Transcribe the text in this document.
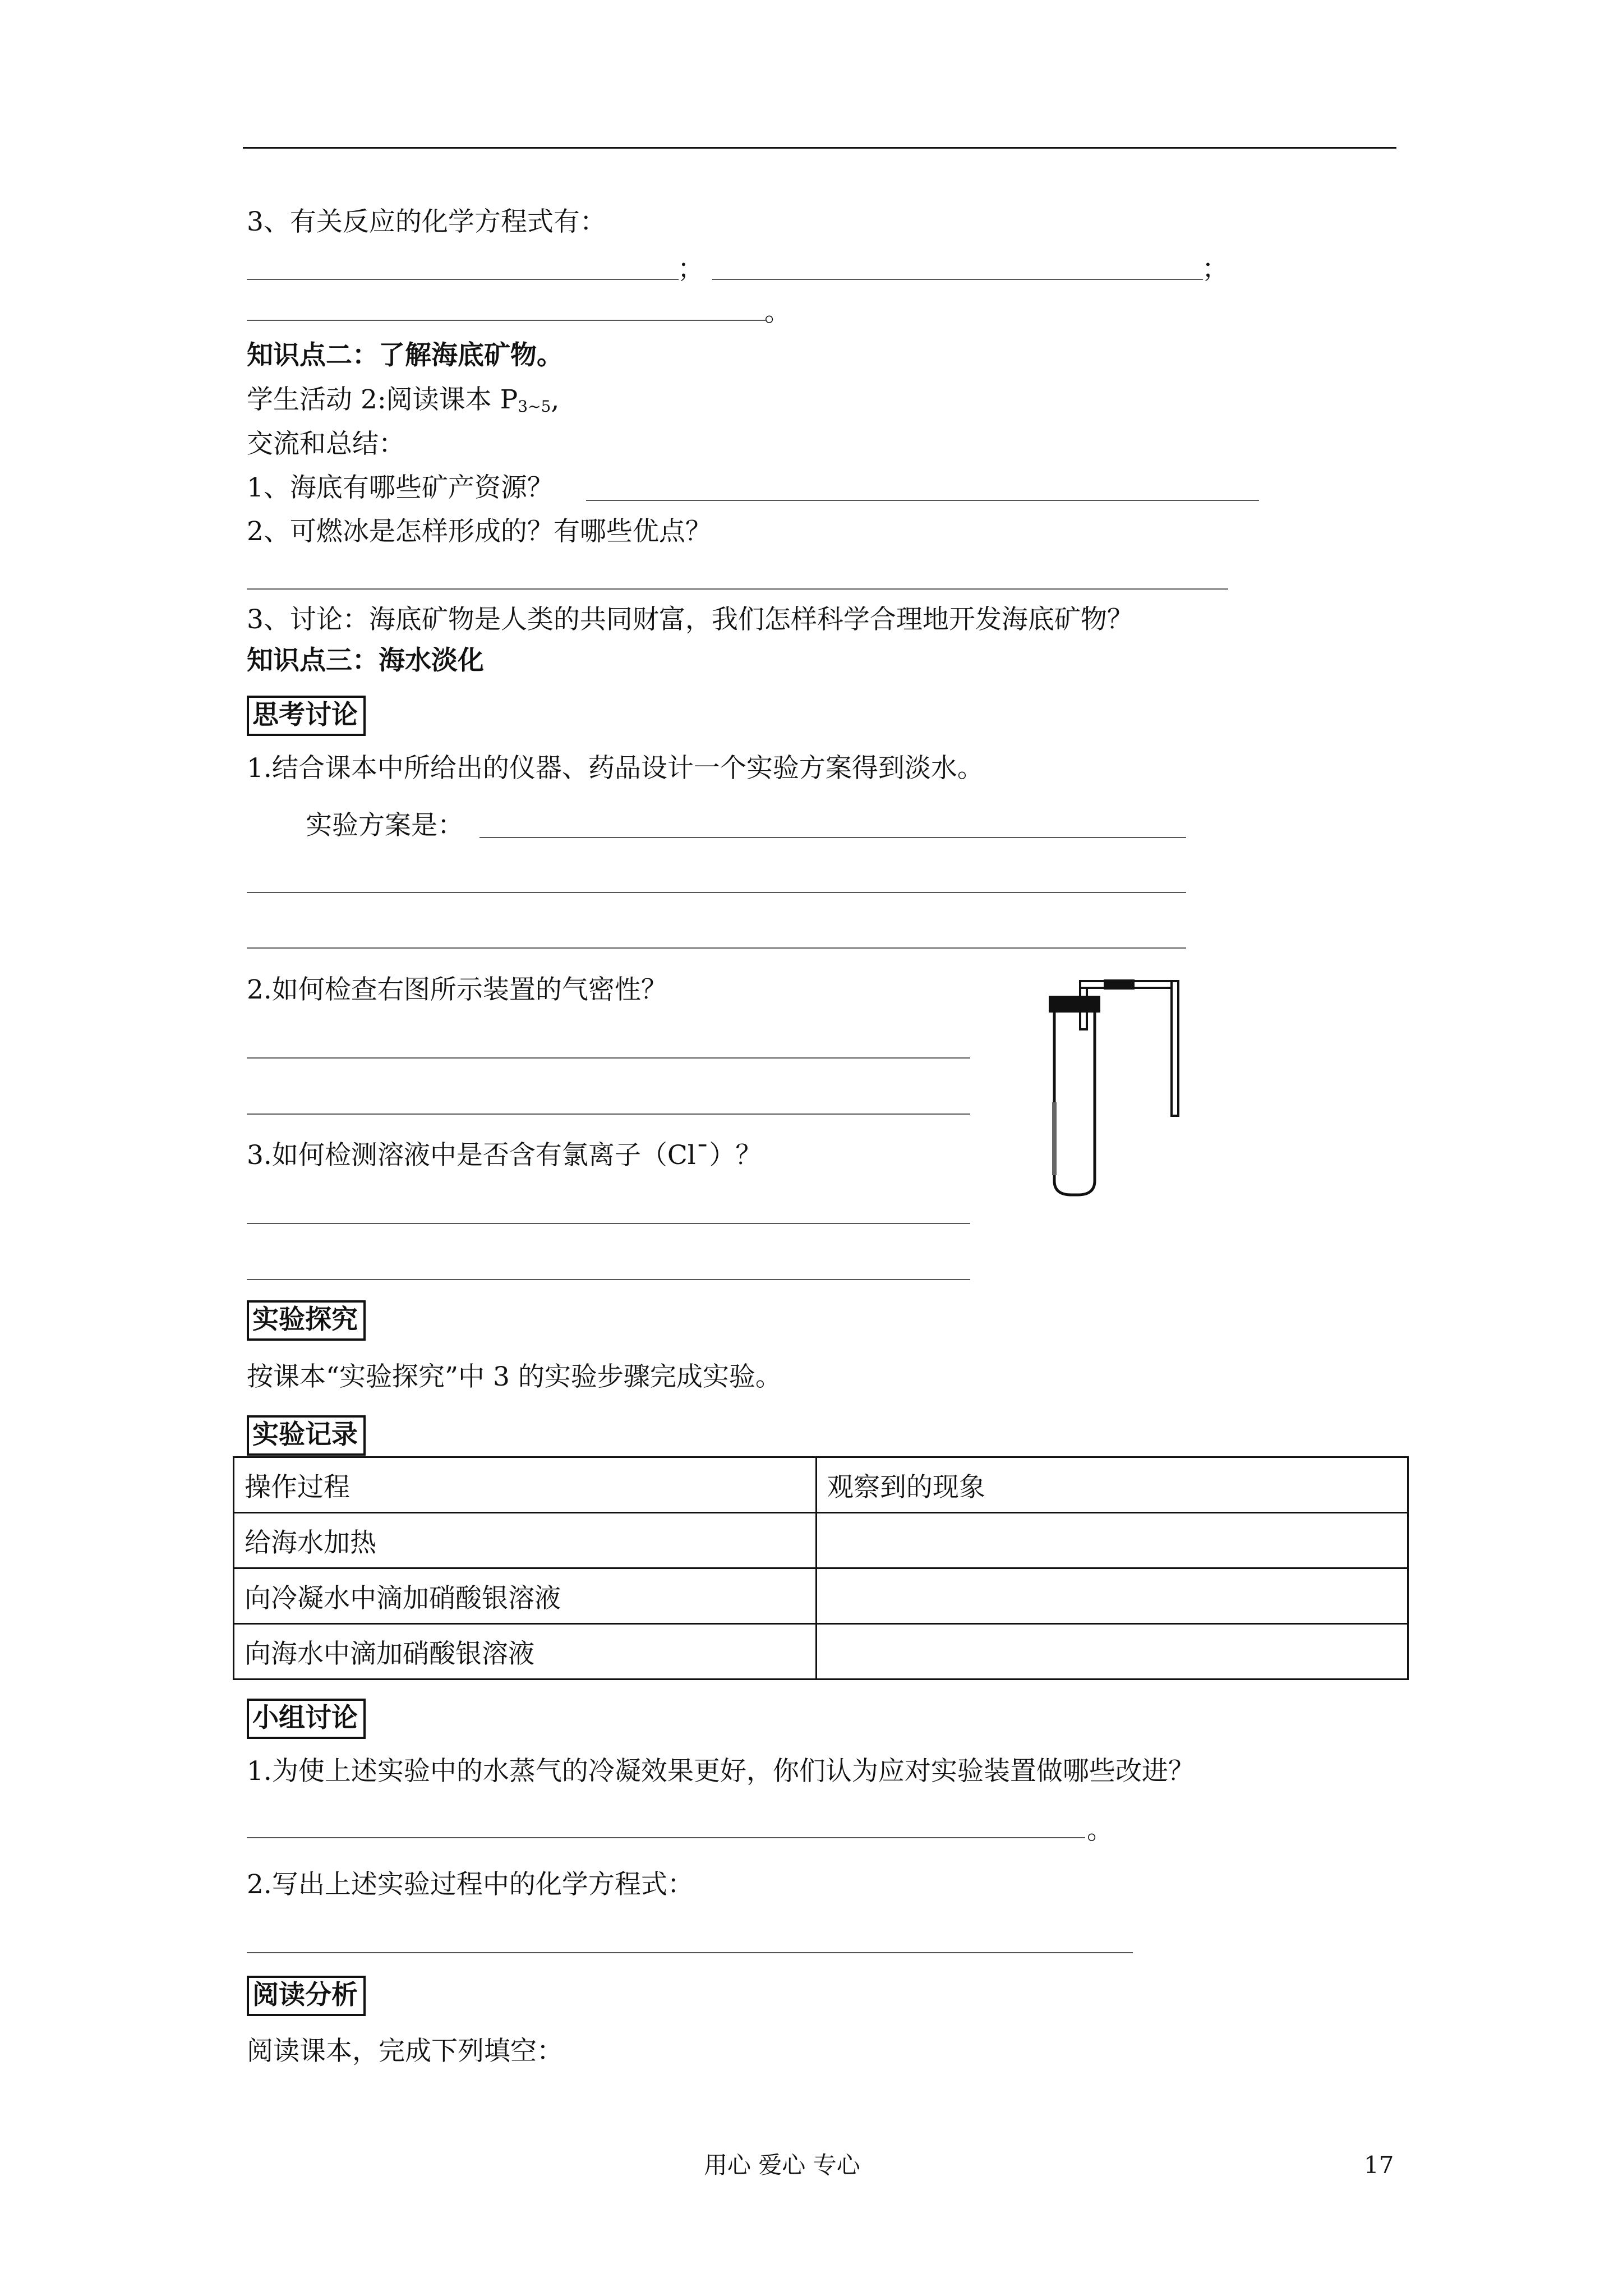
3、有关反应的化学方程式有：
；	；
。
知识点二：了解海底矿物。
学生活动 2:阅读课本 $P_{3\sim 5}$,
交流和总结：
1、海底有哪些矿产资源？
2、可燃冰是怎样形成的？有哪些优点？
3、讨论：海底矿物是人类的共同财富，我们怎样科学合理地开发海底矿物？
知识点三：海水淡化
思考讨论
1.结合课本中所给出的仪器、药品设计一个实验方案得到淡水。
实验方案是：
2.如何检查右图所示装置的气密性？
3.如何检测溶液中是否含有氯离子（Cl¯）？
实验探究
按课本“实验探究”中 3 的实验步骤完成实验。
实验记录
操作过程	观察到的现象
给海水加热	
向冷凝水中滴加硝酸银溶液	
向海水中滴加硝酸银溶液	
小组讨论
1.为使上述实验中的水蒸气的冷凝效果更好，你们认为应对实验装置做哪些改进？
。
2.写出上述实验过程中的化学方程式：
阅读分析
阅读课本，完成下列填空：
用心 爱心 专心	17
